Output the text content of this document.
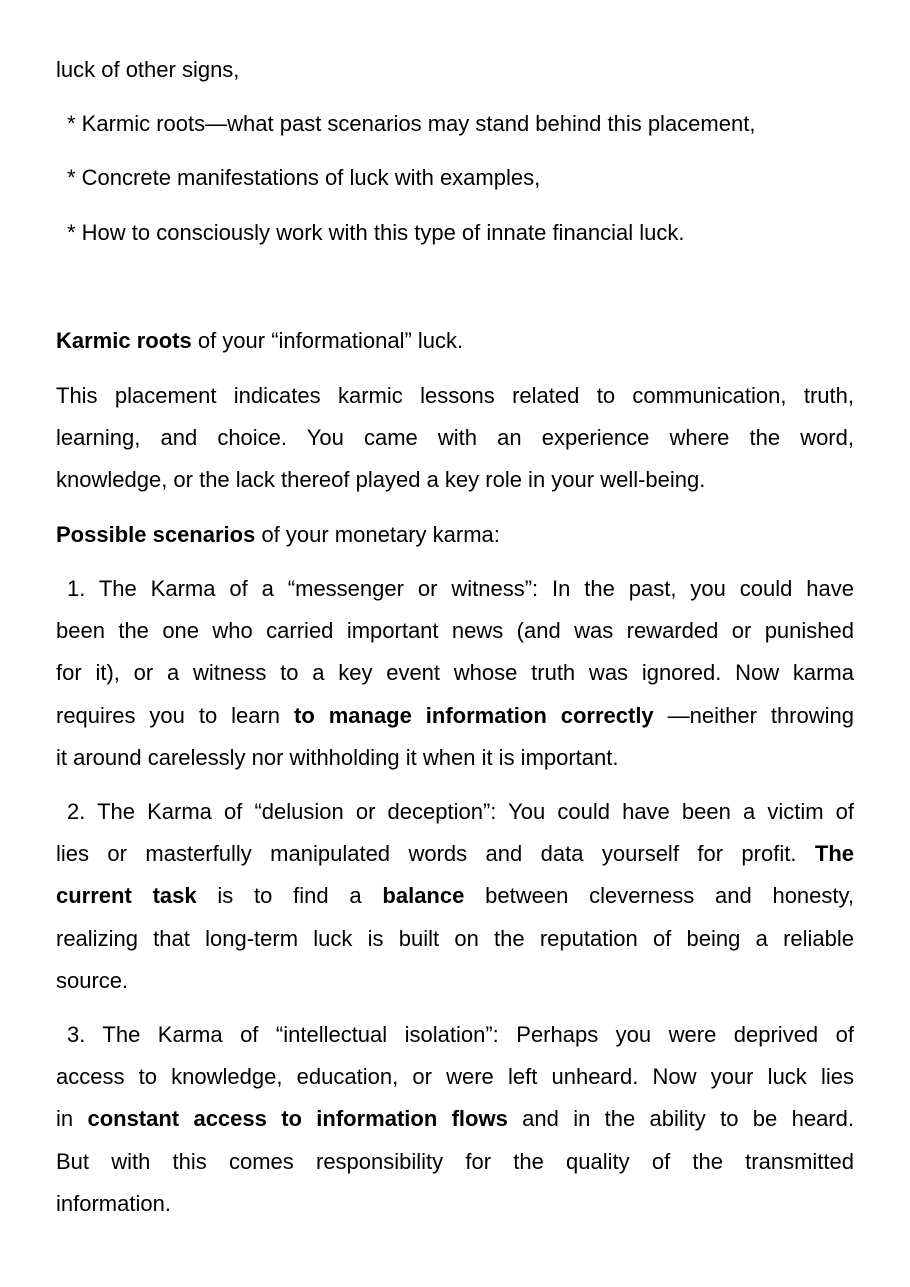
luck of other signs,
* Karmic roots—what past scenarios may stand behind this placement,
* Concrete manifestations of luck with examples,
* How to consciously work with this type of innate financial luck.
Karmic roots of your “informational” luck.
This placement indicates karmic lessons related to communication, truth,
learning, and choice. You came with an experience where the word,
knowledge, or the lack thereof played a key role in your well-being.
Possible scenarios of your monetary karma:
1. The Karma of a “messenger or witness”: In the past, you could have
been the one who carried important news (and was rewarded or punished
for it), or a witness to a key event whose truth was ignored. Now karma
requires you to learn to manage information correctly —neither throwing
it around carelessly nor withholding it when it is important.
2. The Karma of “delusion or deception”: You could have been a victim of
lies or masterfully manipulated words and data yourself for profit. The
current task is to find a balance between cleverness and honesty,
realizing that long-term luck is built on the reputation of being a reliable
source.
3. The Karma of “intellectual isolation”: Perhaps you were deprived of
access to knowledge, education, or were left unheard. Now your luck lies
in constant access to information flows and in the ability to be heard.
But with this comes responsibility for the quality of the transmitted
information.
